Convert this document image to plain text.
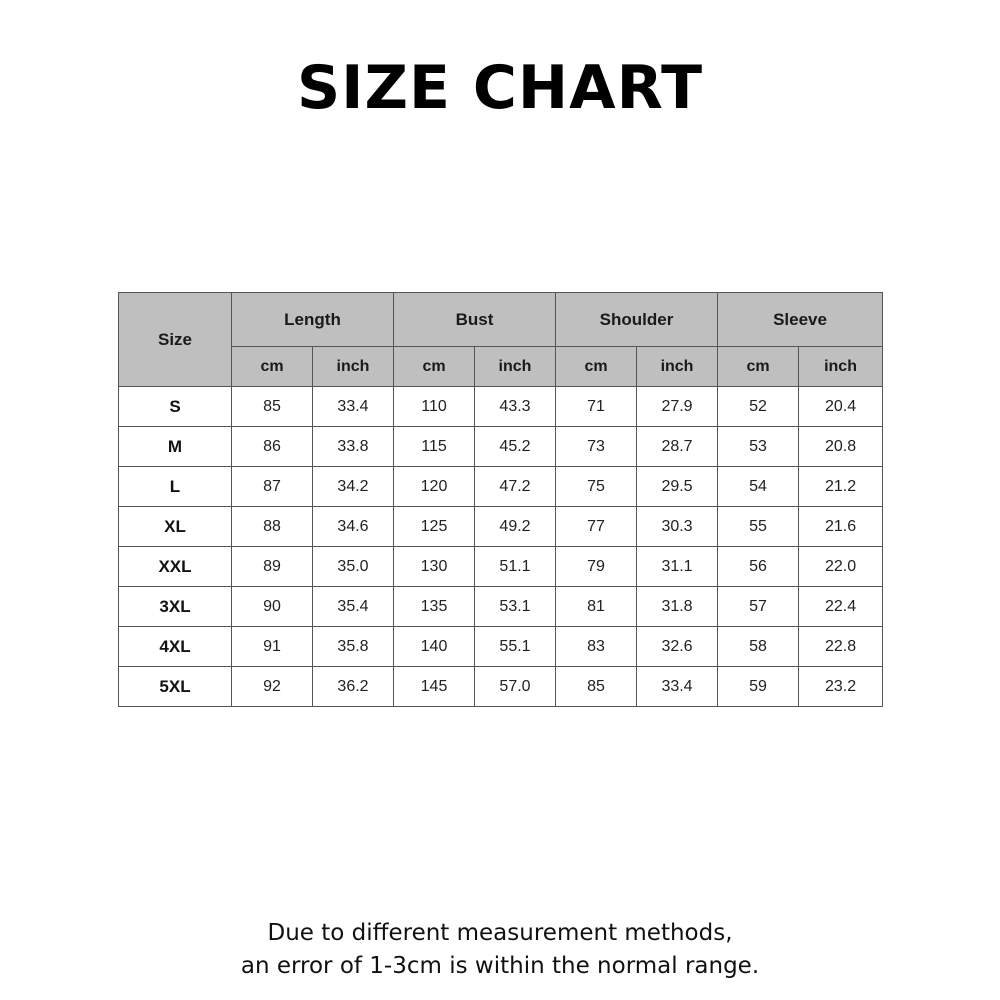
SIZE CHART
Size	Length		Bust		Shoulder		Sleeve	
	cm	inch	cm	inch	cm	inch	cm	inch
S	85	33.4	110	43.3	71	27.9	52	20.4
M	86	33.8	115	45.2	73	28.7	53	20.8
L	87	34.2	120	47.2	75	29.5	54	21.2
XL	88	34.6	125	49.2	77	30.3	55	21.6
XXL	89	35.0	130	51.1	79	31.1	56	22.0
3XL	90	35.4	135	53.1	81	31.8	57	22.4
4XL	91	35.8	140	55.1	83	32.6	58	22.8
5XL	92	36.2	145	57.0	85	33.4	59	23.2
Due to different measurement methods,
an error of 1-3cm is within the normal range.
